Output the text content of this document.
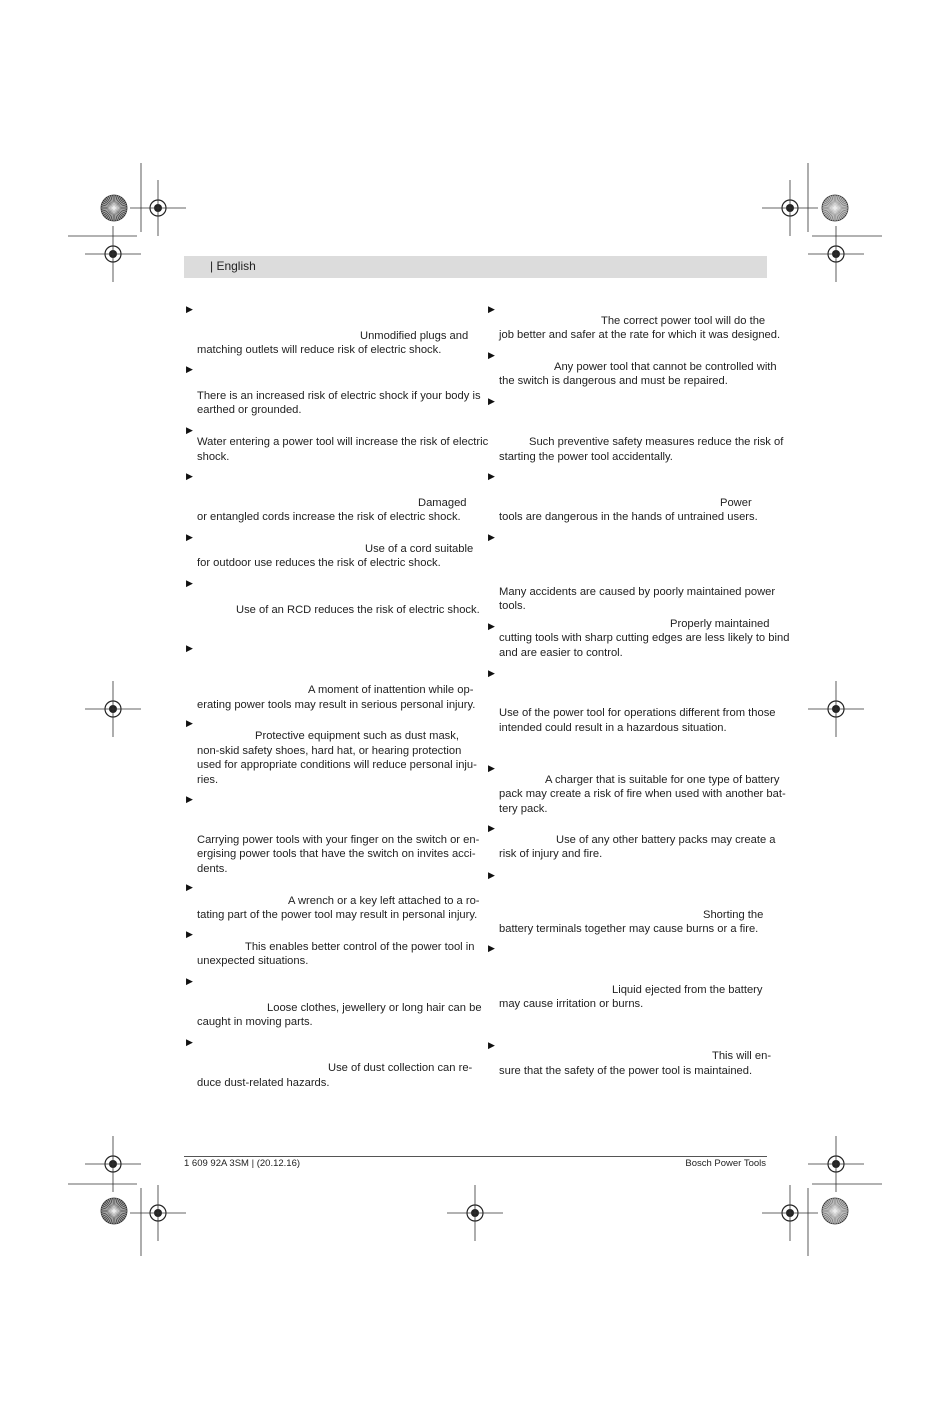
| English
▶
▶
▶
▶
▶
▶
▶
▶
▶
▶
▶
▶
▶
Unmodified plugs and
matching outlets will reduce risk of electric shock.
There is an increased risk of electric shock if your body is
earthed or grounded.
Water entering a power tool will increase the risk of electric
shock.
Damaged
or entangled cords increase the risk of electric shock.
Use of a cord suitable
for outdoor use reduces the risk of electric shock.
Use of an RCD reduces the risk of electric shock.
A moment of inattention while op-
erating power tools may result in serious personal injury.
Protective equipment such as dust mask,
non-skid safety shoes, hard hat, or hearing protection
used for appropriate conditions will reduce personal inju-
ries.
Carrying power tools with your finger on the switch or en-
ergising power tools that have the switch on invites acci-
dents.
A wrench or a key left attached to a ro-
tating part of the power tool may result in personal injury.
This enables better control of the power tool in
unexpected situations.
Loose clothes, jewellery or long hair can be
caught in moving parts.
Use of dust collection can re-
duce dust-related hazards.
▶
▶
▶
▶
▶
▶
▶
▶
▶
▶
▶
▶
The correct power tool will do the
job better and safer at the rate for which it was designed.
Any power tool that cannot be controlled with
the switch is dangerous and must be repaired.
Such preventive safety measures reduce the risk of
starting the power tool accidentally.
Power
tools are dangerous in the hands of untrained users.
Many accidents are caused by poorly maintained power
tools.
Properly maintained
cutting tools with sharp cutting edges are less likely to bind
and are easier to control.
Use of the power tool for operations different from those
intended could result in a hazardous situation.
A charger that is suitable for one type of battery
pack may create a risk of fire when used with another bat-
tery pack.
Use of any other battery packs may create a
risk of injury and fire.
Shorting the
battery terminals together may cause burns or a fire.
Liquid ejected from the battery
may cause irritation or burns.
This will en-
sure that the safety of the power tool is maintained.
1 609 92A 3SM | (20.12.16)	Bosch Power Tools
